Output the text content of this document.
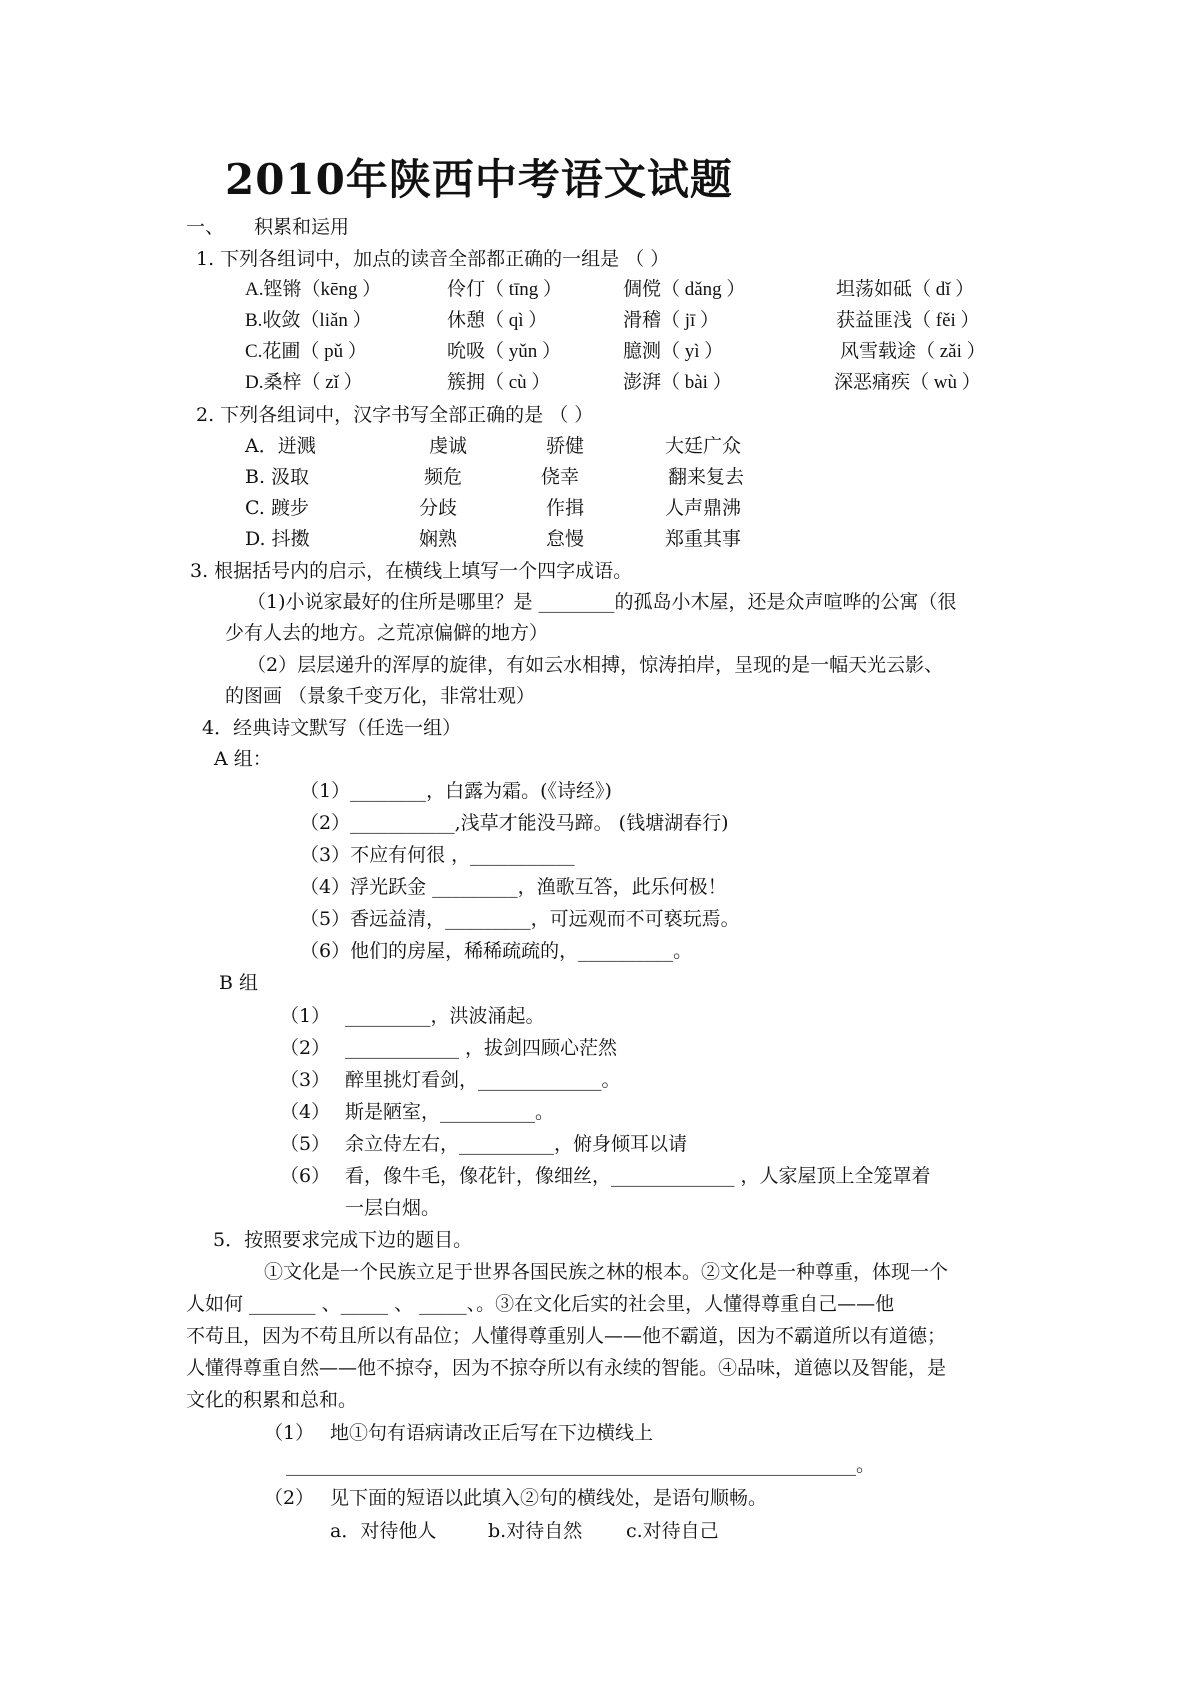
2010年陕西中考语文试题
一、 积累和运用
1. 下列各组词中，加点的读音全部都正确的一组是 （ ）
A.铿锵（kēng ）	伶仃（ tīng ）	倜傥（ dǎng ）	坦荡如砥（ dǐ ）
B.收敛（liǎn ）	休憩（ qì ）	滑稽（ jī ）	获益匪浅（ fěi ）
C.花圃（ pǔ ）	吮吸（ yǔn ）	臆测（ yì ）	风雪载途（ zǎi ）
D.桑梓（ zǐ ）	簇拥（ cù ）	澎湃（ bài ）	深恶痛疾（ wù ）
2. 下列各组词中，汉字书写全部正确的是 （ ）
A．迸溅	虔诚	骄健	大廷广众
B. 汲取	频危	侥幸	翻来复去
C. 踱步	分歧	作揖	人声鼎沸
D. 抖擞	娴熟	怠慢	郑重其事
3. 根据括号内的启示，在横线上填写一个四字成语。
（1)小说家最好的住所是哪里？是 ________的孤岛小木屋，还是众声喧哗的公寓（很
少有人去的地方。之荒凉偏僻的地方）
（2）层层递升的浑厚的旋律，有如云水相搏，惊涛拍岸，呈现的是一幅天光云影、
的图画 （景象千变万化，非常壮观）
4．经典诗文默写（任选一组）
A 组：
（1）________，白露为霜。(《诗经》)
（2）___________,浅草才能没马蹄。 (钱塘湖春行)
（3）不应有何很 ，___________
（4）浮光跃金 _________，渔歌互答，此乐何极！
（5）香远益清，_________，可远观而不可亵玩焉。
（6）他们的房屋，稀稀疏疏的，__________。
B 组
（1） _________，洪波涌起。
（2） ____________ ，拔剑四顾心茫然
（3） 醉里挑灯看剑，_____________。
（4） 斯是陋室，__________。
（5） 余立侍左右，__________，俯身倾耳以请
（6） 看，像牛毛，像花针，像细丝，_____________ ，人家屋顶上全笼罩着
一层白烟。
5．按照要求完成下边的题目。
①文化是一个民族立足于世界各国民族之林的根本。②文化是一种尊重，体现一个
人如何 _______ 、_____ 、 _____、。③在文化后实的社会里，人懂得尊重自己——他
不苟且，因为不苟且所以有品位；人懂得尊重别人——他不霸道，因为不霸道所以有道德；
人懂得尊重自然——他不掠夺，因为不掠夺所以有永续的智能。④品味，道德以及智能，是
文化的积累和总和。
（1） 地①句有语病请改正后写在下边横线上
____________________________________________________________。
（2） 见下面的短语以此填入②句的横线处，是语句顺畅。
a．对待他人	b.对待自然 c.对待自己
